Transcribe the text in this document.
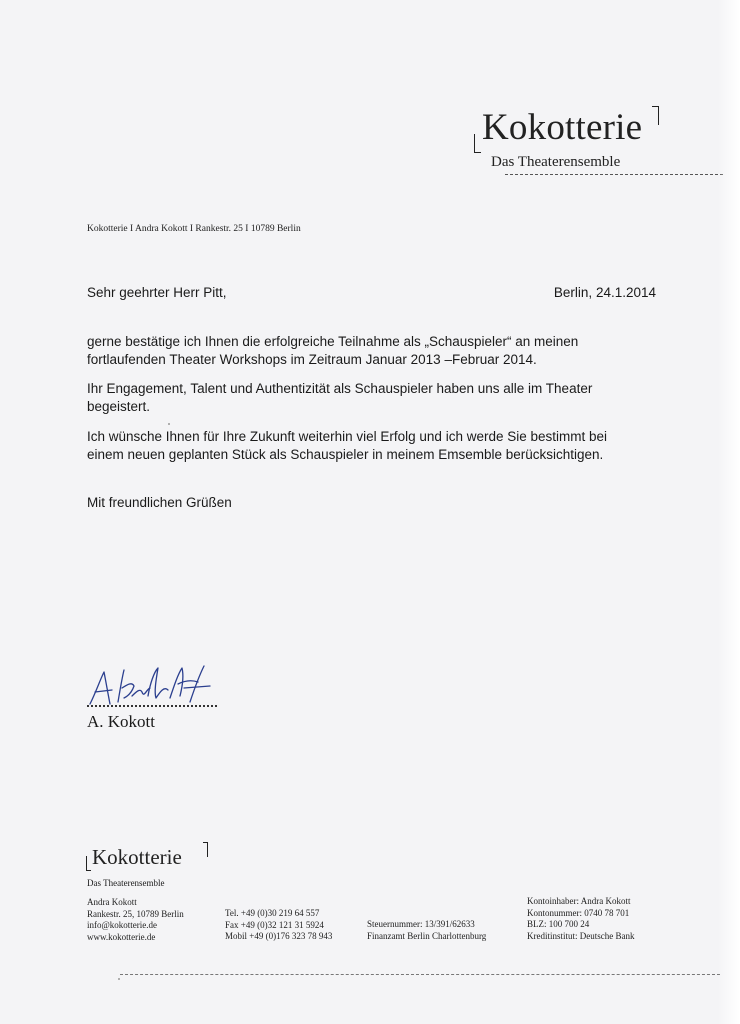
Kokotterie
Das Theaterensemble
Kokotterie I Andra Kokott I Rankestr. 25 I 10789 Berlin
Sehr geehrter Herr Pitt,	Berlin, 24.1.2014
gerne bestätige ich Ihnen die erfolgreiche Teilnahme als „Schauspieler“ an meinen fortlaufenden Theater Workshops im Zeitraum Januar 2013 –Februar 2014.
Ihr Engagement, Talent und Authentizität als Schauspieler haben uns alle im Theater begeistert.
Ich wünsche Ihnen für Ihre Zukunft weiterhin viel Erfolg und ich werde Sie bestimmt bei einem neuen geplanten Stück als Schauspieler in meinem Emsemble berücksichtigen.
Mit freundlichen Grüßen
A. Kokott
Kokotterie
Das Theaterensemble
Andra Kokott
Rankestr. 25, 10789 Berlin
info@kokotterie.de
www.kokotterie.de
Tel. +49 (0)30 219 64 557
Fax +49 (0)32 121 31 5924
Mobil +49 (0)176 323 78 943
Steuernummer: 13/391/62633
Finanzamt Berlin Charlottenburg
Kontoinhaber: Andra Kokott
Kontonummer: 0740 78 701
BLZ: 100 700 24
Kreditinstitut: Deutsche Bank
